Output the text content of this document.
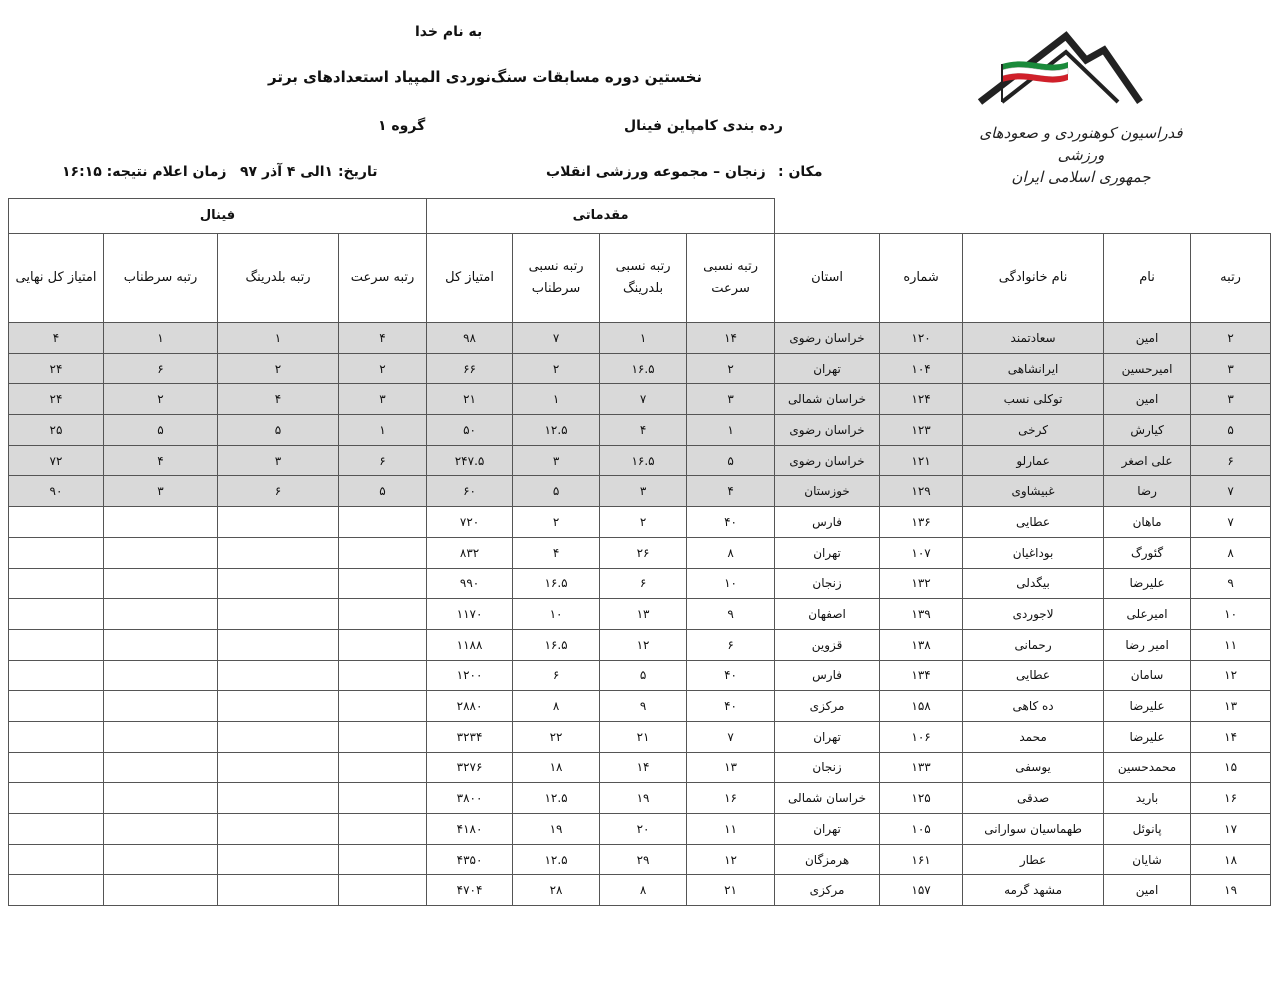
به نام خدا
نخستین دوره مسابقات سنگ‌نوردی المپیاد استعدادهای برتر
رده بندی کامپاین فینال
گروه ۱
مکان :
زنجان – مجموعه ورزشی انقلاب
تاریخ: ۱الی ۴ آذر ۹۷
زمان اعلام نتیجه: ۱۶:۱۵
فدراسیون کوهنوردی و صعودهای ورزشی
جمهوری اسلامی ایران
فینال				مقدماتی								
امتیاز کل نهایی	رتبه سرطناب	رتبه بلدرینگ	رتبه سرعت	امتیاز کل	رتبه نسبی سرطناب	رتبه نسبی بلدرینگ	رتبه نسبی سرعت	استان	شماره	نام خانوادگی	نام	رتبه
۴	۱	۱	۴	۹۸	۷	۱	۱۴	خراسان رضوی	۱۲۰	سعادتمند	امین	۲
۲۴	۶	۲	۲	۶۶	۲	۱۶.۵	۲	تهران	۱۰۴	ایرانشاهی	امیرحسین	۳
۲۴	۲	۴	۳	۲۱	۱	۷	۳	خراسان شمالی	۱۲۴	توکلی نسب	امین	۳
۲۵	۵	۵	۱	۵۰	۱۲.۵	۴	۱	خراسان رضوی	۱۲۳	کرخی	کیارش	۵
۷۲	۴	۳	۶	۲۴۷.۵	۳	۱۶.۵	۵	خراسان رضوی	۱۲۱	عمارلو	علی اصغر	۶
۹۰	۳	۶	۵	۶۰	۵	۳	۴	خوزستان	۱۲۹	غبیشاوی	رضا	۷
				۷۲۰	۲	۲	۴۰	فارس	۱۳۶	عطایی	ماهان	۷
				۸۳۲	۴	۲۶	۸	تهران	۱۰۷	بوداغیان	گئورگ	۸
				۹۹۰	۱۶.۵	۶	۱۰	زنجان	۱۳۲	بیگدلی	علیرضا	۹
				۱۱۷۰	۱۰	۱۳	۹	اصفهان	۱۳۹	لاجوردی	امیرعلی	۱۰
				۱۱۸۸	۱۶.۵	۱۲	۶	قزوین	۱۳۸	رحمانی	امیر رضا	۱۱
				۱۲۰۰	۶	۵	۴۰	فارس	۱۳۴	عطایی	سامان	۱۲
				۲۸۸۰	۸	۹	۴۰	مرکزی	۱۵۸	ده کاهی	علیرضا	۱۳
				۳۲۳۴	۲۲	۲۱	۷	تهران	۱۰۶	محمد	علیرضا	۱۴
				۳۲۷۶	۱۸	۱۴	۱۳	زنجان	۱۳۳	یوسفی	محمدحسین	۱۵
				۳۸۰۰	۱۲.۵	۱۹	۱۶	خراسان شمالی	۱۲۵	صدقی	بارید	۱۶
				۴۱۸۰	۱۹	۲۰	۱۱	تهران	۱۰۵	طهماسیان سوارانی	پانوئل	۱۷
				۴۳۵۰	۱۲.۵	۲۹	۱۲	هرمزگان	۱۶۱	عطار	شایان	۱۸
				۴۷۰۴	۲۸	۸	۲۱	مرکزی	۱۵۷	مشهد گرمه	امین	۱۹
